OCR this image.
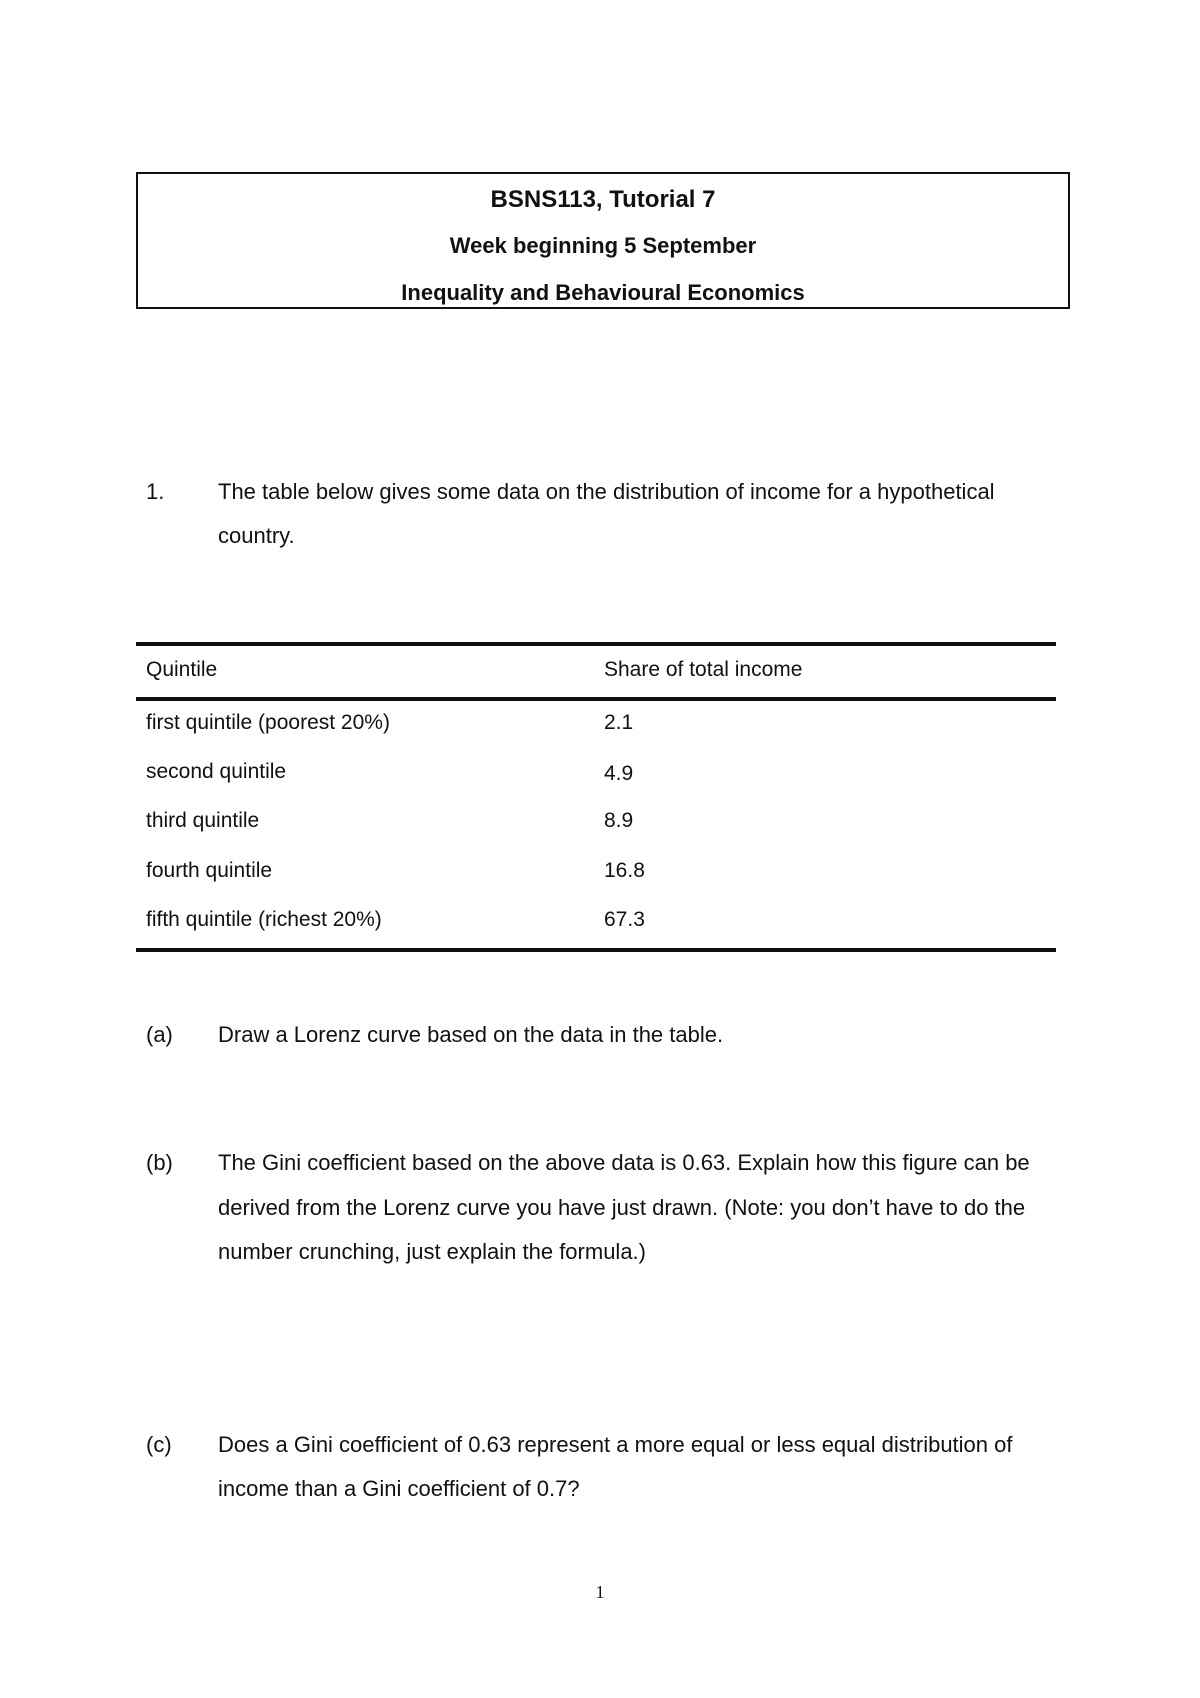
BSNS113, Tutorial 7
Week beginning 5 September
Inequality and Behavioural Economics
1. The table below gives some data on the distribution of income for a hypothetical
country.
Quintile	Share of total income
first quintile (poorest 20%)	2.1
second quintile	4.9
third quintile	8.9
fourth quintile	16.8
fifth quintile (richest 20%)	67.3
(a) Draw a Lorenz curve based on the data in the table.
(b) The Gini coefficient based on the above data is 0.63. Explain how this figure can be
derived from the Lorenz curve you have just drawn. (Note: you don’t have to do the
number crunching, just explain the formula.)
(c) Does a Gini coefficient of 0.63 represent a more equal or less equal distribution of
income than a Gini coefficient of 0.7?
1
